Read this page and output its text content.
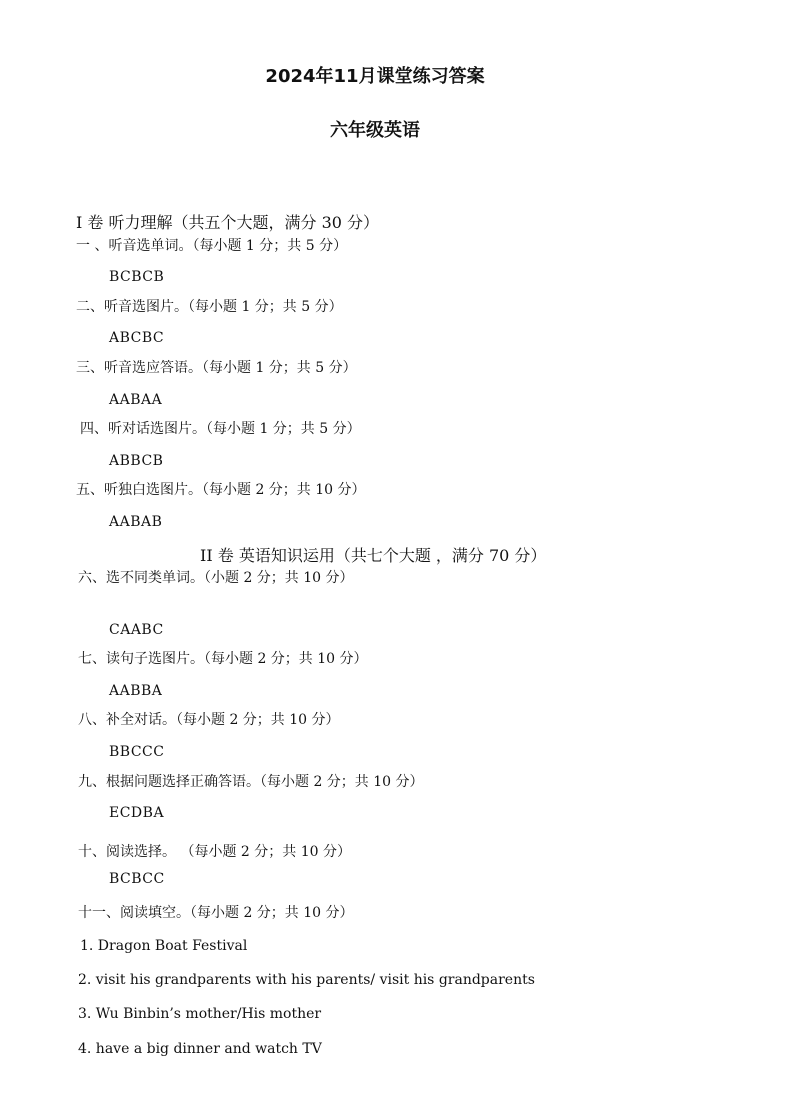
2024年11月课堂练习答案
六年级英语
I 卷 听力理解（共五个大题，满分 30 分）
一 、听音选单词。（每小题 1 分；共 5 分）
BCBCB
二、听音选图片。（每小题 1 分；共 5 分）
ABCBC
三、听音选应答语。（每小题 1 分；共 5 分）
AABAA
四、听对话选图片。（每小题 1 分；共 5 分）
ABBCB
五、听独白选图片。（每小题 2 分；共 10 分）
AABAB
II 卷 英语知识运用（共七个大题 ，满分 70 分）
六、选不同类单词。（小题 2 分；共 10 分）
CAABC
七、读句子选图片。（每小题 2 分；共 10 分）
AABBA
八、补全对话。（每小题 2 分；共 10 分）
BBCCC
九、根据问题选择正确答语。（每小题 2 分；共 10 分）
ECDBA
十、阅读选择。 （每小题 2 分；共 10 分）
BCBCC
十一、阅读填空。（每小题 2 分；共 10 分）
1. Dragon Boat Festival
2. visit his grandparents with his parents/ visit his grandparents
3. Wu Binbin’s mother/His mother
4. have a big dinner and watch TV
